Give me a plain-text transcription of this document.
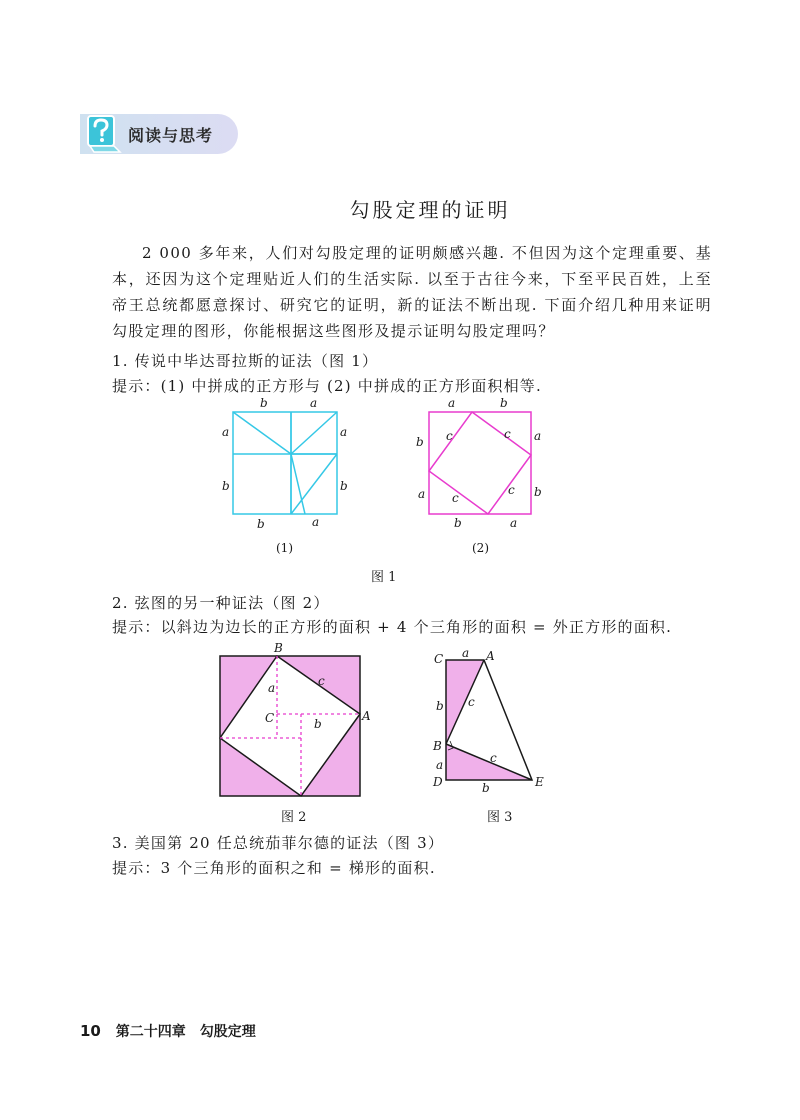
阅读与思考
勾股定理的证明
2 000 多年来，人们对勾股定理的证明颇感兴趣. 不但因为这个定理重要、基本，还因为这个定理贴近人们的生活实际. 以至于古往今来，下至平民百姓，上至帝王总统都愿意探讨、研究它的证明，新的证法不断出现. 下面介绍几种用来证明勾股定理的图形，你能根据这些图形及提示证明勾股定理吗？
1. 传说中毕达哥拉斯的证法（图 1）
提示：(1) 中拼成的正方形与 (2) 中拼成的正方形面积相等.
b	a
a	a
b	b
b	a
(1)
a	b
a
b
b
a
b	a
c	c
c
c
(2)
图 1
2. 弦图的另一种证法（图 2）
提示：以斜边为边长的正方形的面积 + 4 个三角形的面积 = 外正方形的面积.
B
A
C
a
b
c
图 2
C	A
B
D	E
a
b c
b
a	c
图 3
3. 美国第 20 任总统茄菲尔德的证法（图 3）
提示：3 个三角形的面积之和 = 梯形的面积.
10 第二十四章　勾股定理
